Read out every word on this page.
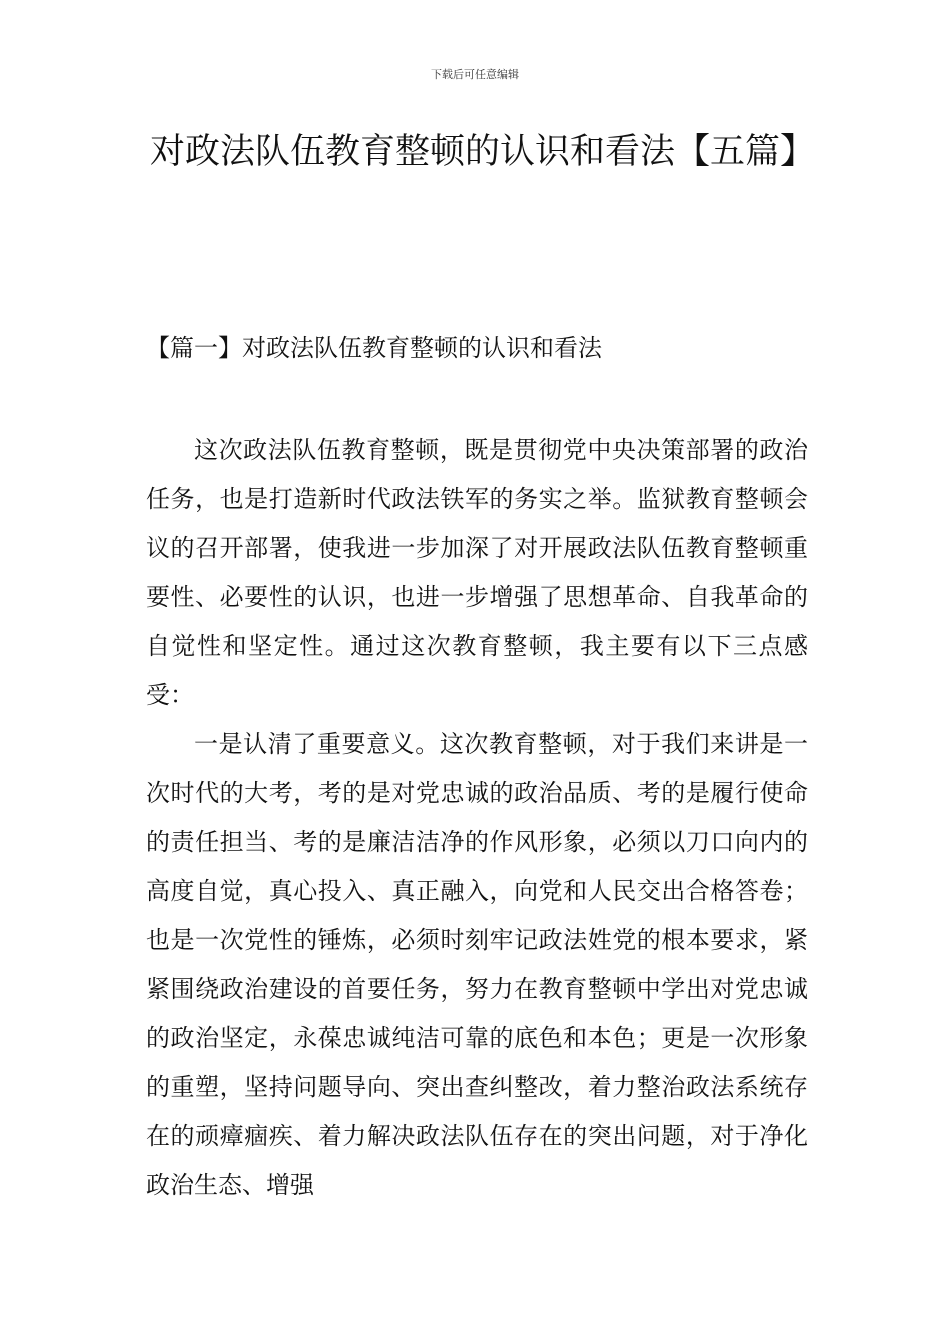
下载后可任意编辑
对政法队伍教育整顿的认识和看法【五篇】
【篇一】对政法队伍教育整顿的认识和看法

这次政法队伍教育整顿，既是贯彻党中央决策部署的政治任务，也是打造新时代政法铁军的务实之举。监狱教育整顿会议的召开部署，使我进一步加深了对开展政法队伍教育整顿重要性、必要性的认识，也进一步增强了思想革命、自我革命的自觉性和坚定性。通过这次教育整顿，我主要有以下三点感受：

一是认清了重要意义。这次教育整顿，对于我们来讲是一次时代的大考，考的是对党忠诚的政治品质、考的是履行使命的责任担当、考的是廉洁洁净的作风形象，必须以刀口向内的高度自觉，真心投入、真正融入，向党和人民交出合格答卷；也是一次党性的锤炼，必须时刻牢记政法姓党的根本要求，紧紧围绕政治建设的首要任务，努力在教育整顿中学出对党忠诚的政治坚定，永葆忠诚纯洁可靠的底色和本色；更是一次形象的重塑，坚持问题导向、突出查纠整改，着力整治政法系统存在的顽瘴痼疾、着力解决政法队伍存在的突出问题，对于净化政治生态、增强
